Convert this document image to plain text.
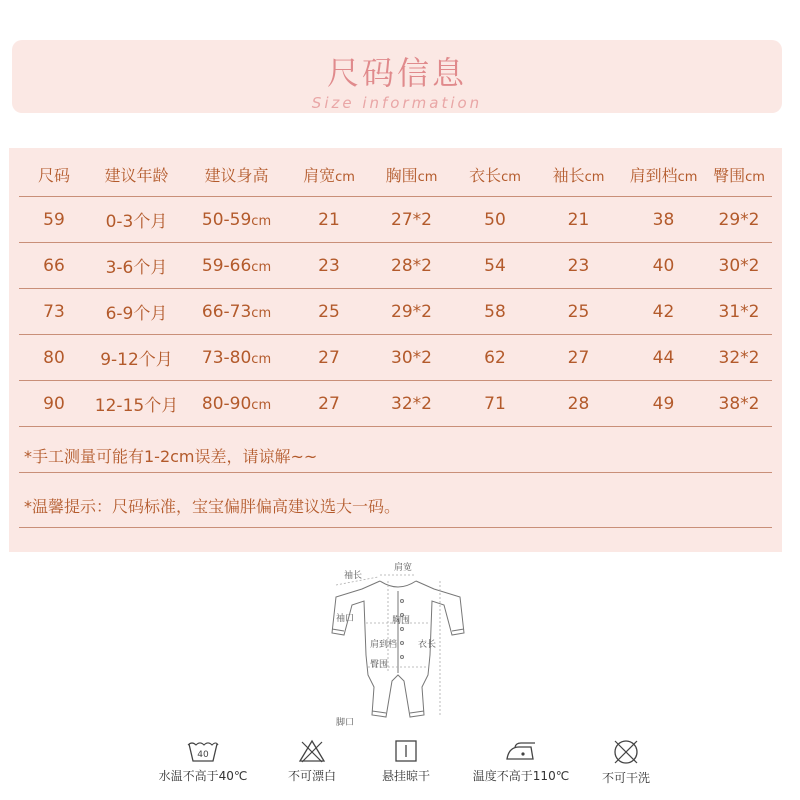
尺码信息
Size information
尺码	建议年龄	建议身高	肩宽cm	胸围cm	衣长cm	袖长cm	肩到档cm	臀围cm
59	0-3个月	50-59cm	21	27*2	50	21	38	29*2
66	3-6个月	59-66cm	23	28*2	54	23	40	30*2
73	6-9个月	66-73cm	25	29*2	58	25	42	31*2
80	9-12个月	73-80cm	27	30*2	62	27	44	32*2
90	12-15个月	80-90cm	27	32*2	71	28	49	38*2
*手工测量可能有1-2cm误差，请谅解~~
*温馨提示：尺码标准，宝宝偏胖偏高建议选大一码。
袖长
肩宽
袖口	胸围
肩到档 衣长
臀围
脚口
40
水温不高于40℃	不可漂白	悬挂晾干	温度不高于110℃	不可干洗
